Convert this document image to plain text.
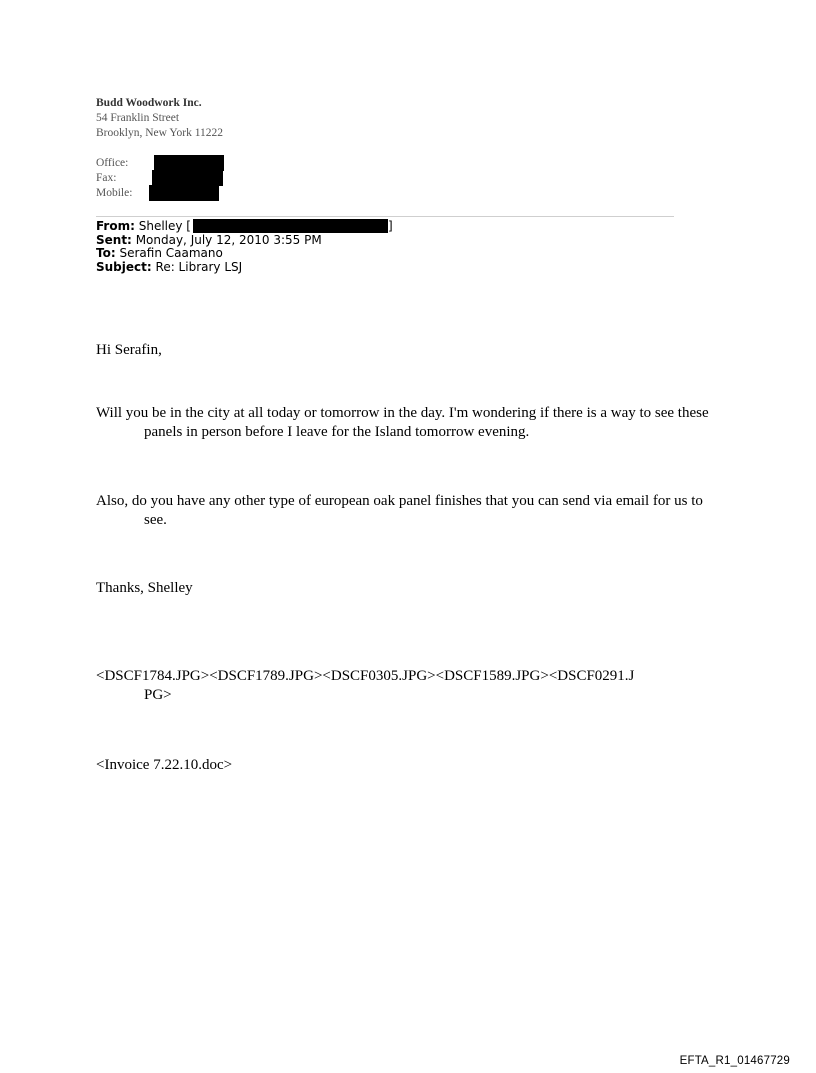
Budd Woodwork Inc.
54 Franklin Street
Brooklyn, New York 11222
Office:
Fax:
Mobile:
From: Shelley [	]
Sent: Monday, July 12, 2010 3:55 PM
To: Serafin Caamano
Subject: Re: Library LSJ
Hi Serafin,
Will you be in the city at all today or tomorrow in the day. I'm wondering if there is a way to see these panels in person before I leave for the Island tomorrow evening.
Also, do you have any other type of european oak panel finishes that you can send via email for us to see.
Thanks, Shelley
<DSCF1784.JPG><DSCF1789.JPG><DSCF0305.JPG><DSCF1589.JPG><DSCF0291.J
PG>
<Invoice 7.22.10.doc>
EFTA_R1_01467729
